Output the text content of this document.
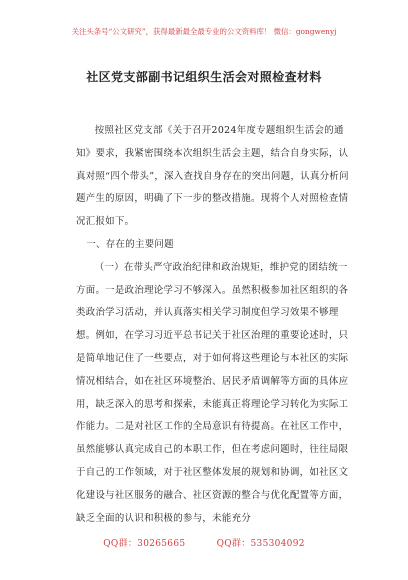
关注头条号“公文研究”，获得最新最全最专业的公文资料库！ 微信：gongwenyj
社区党支部副书记组织生活会对照检查材料

按照社区党支部《关于召开2024年度专题组织生活会的通知》要求，我紧密围绕本次组织生活会主题，结合自身实际，认真对照“四个带头”，深入查找自身存在的突出问题，认真分析问题产生的原因，明确了下一步的整改措施。现将个人对照检查情况汇报如下。

一、存在的主要问题

（一）在带头严守政治纪律和政治规矩，维护党的团结统一方面。一是政治理论学习不够深入。虽然积极参加社区组织的各类政治学习活动，并认真落实相关学习制度但学习效果不够理想。例如，在学习习近平总书记关于社区治理的重要论述时，只是简单地记住了一些要点，对于如何将这些理论与本社区的实际情况相结合，如在社区环境整治、居民矛盾调解等方面的具体应用，缺乏深入的思考和探索，未能真正将理论学习转化为实际工作能力。二是对社区工作的全局意识有待提高。在社区工作中，虽然能够认真完成自己的本职工作，但在考虑问题时，往往局限于自己的工作领域，对于社区整体发展的规划和协调，如社区文化建设与社区服务的融合、社区资源的整合与优化配置等方面，缺乏全面的认识和积极的参与，未能充分

QQ群：30265665	QQ群：535304092
